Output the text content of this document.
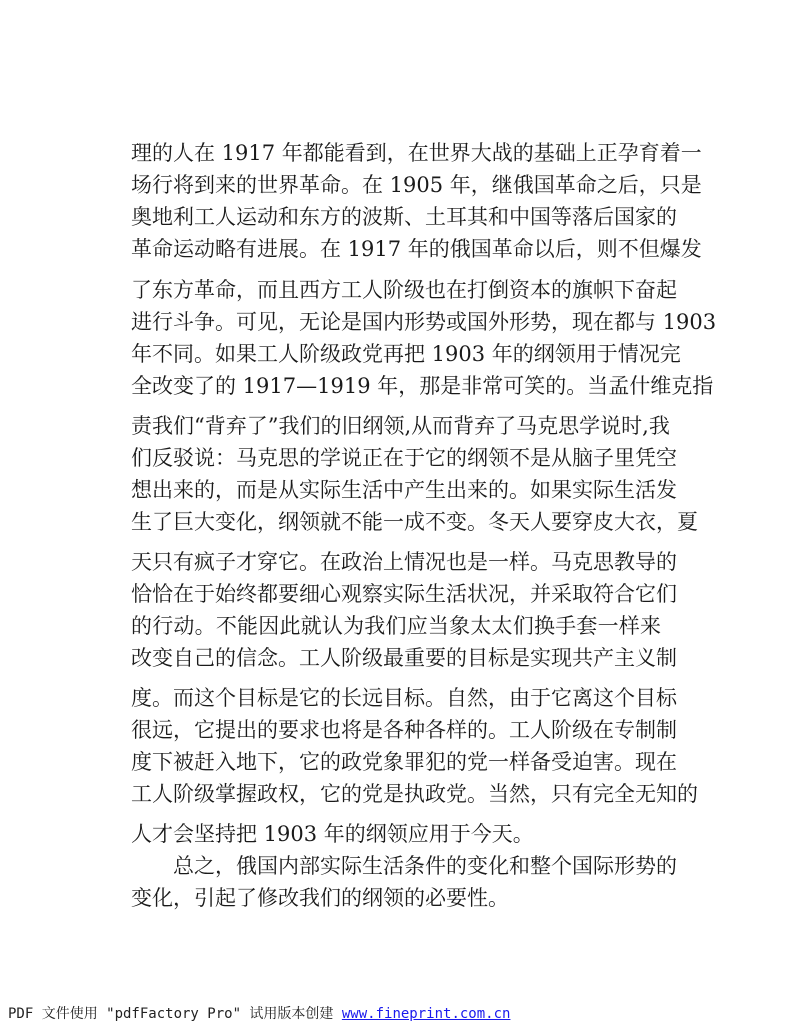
理的人在 1917 年都能看到，在世界大战的基础上正孕育着一
场行将到来的世界革命。在 1905 年，继俄国革命之后，只是
奥地利工人运动和东方的波斯、土耳其和中国等落后国家的
革命运动略有进展。在 1917 年的俄国革命以后，则不但爆发
了东方革命，而且西方工人阶级也在打倒资本的旗帜下奋起
进行斗争。可见，无论是国内形势或国外形势，现在都与 1903
年不同。如果工人阶级政党再把 1903 年的纲领用于情况完
全改变了的 1917—1919 年，那是非常可笑的。当孟什维克指
责我们“背弃了”我们的旧纲领,从而背弃了马克思学说时,我
们反驳说：马克思的学说正在于它的纲领不是从脑子里凭空
想出来的，而是从实际生活中产生出来的。如果实际生活发
生了巨大变化，纲领就不能一成不变。冬天人要穿皮大衣，夏
天只有疯子才穿它。在政治上情况也是一样。马克思教导的
恰恰在于始终都要细心观察实际生活状况，并采取符合它们
的行动。不能因此就认为我们应当象太太们换手套一样来
改变自己的信念。工人阶级最重要的目标是实现共产主义制
度。而这个目标是它的长远目标。自然，由于它离这个目标
很远，它提出的要求也将是各种各样的。工人阶级在专制制
度下被赶入地下，它的政党象罪犯的党一样备受迫害。现在
工人阶级掌握政权，它的党是执政党。当然，只有完全无知的
人才会坚持把 1903 年的纲领应用于今天。
总之，俄国内部实际生活条件的变化和整个国际形势的
变化，引起了修改我们的纲领的必要性。
PDF 文件使用 "pdfFactory Pro" 试用版本创建 www.fineprint.com.cn
